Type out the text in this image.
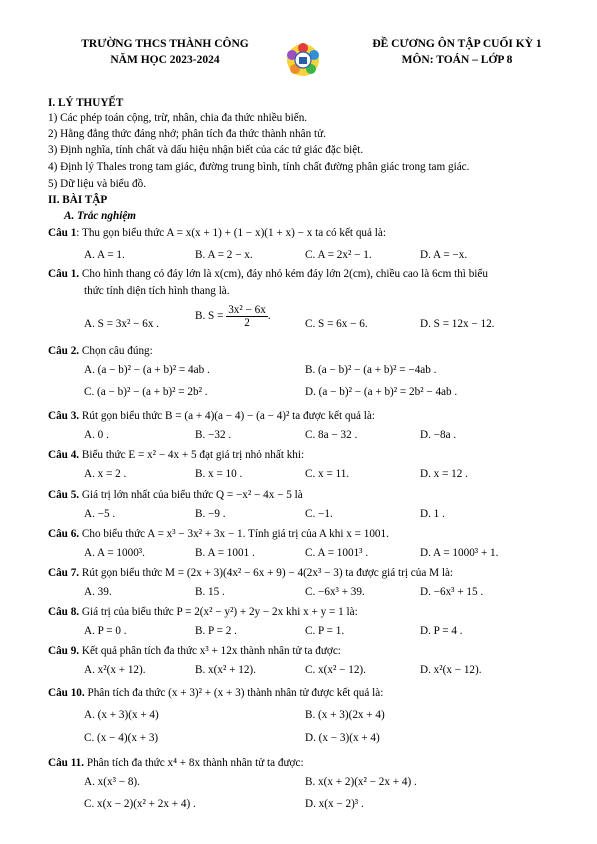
TRƯỜNG THCS THÀNH CÔNG
NĂM HỌC 2023-2024
ĐỀ CƯƠNG ÔN TẬP CUỐI KỲ 1
MÔN: TOÁN – LỚP 8
I. LÝ THUYẾT
1) Các phép toán cộng, trừ, nhân, chia đa thức nhiều biến.
2) Hằng đẳng thức đáng nhớ; phân tích đa thức thành nhân tử.
3) Định nghĩa, tính chất và dấu hiệu nhận biết của các tứ giác đặc biệt.
4) Định lý Thales trong tam giác, đường trung bình, tính chất đường phân giác trong tam giác.
5) Dữ liệu và biểu đồ.
II. BÀI TẬP
A. Trắc nghiệm
Câu 1: Thu gọn biểu thức A = x(x + 1) + (1 − x)(1 + x) − x ta có kết quả là:
A. A = 1.	B. A = 2 − x.	C. A = 2x² − 1.	D. A = −x.
Câu 1. Cho hình thang có đáy lớn là x(cm), đáy nhỏ kém đáy lớn 2(cm), chiều cao là 6cm thì biểu
thức tính diện tích hình thang là.
A. S = 3x² − 6x .
B. $S = \frac{\text{3x² − 6x}}{2}$ .
C. S = 6x − 6.	D. S = 12x − 12.
Câu 2. Chọn câu đúng:
A. (a − b)² − (a + b)² = 4ab .	B. (a − b)² − (a + b)² = −4ab .
C. (a − b)² − (a + b)² = 2b² .	D. (a − b)² − (a + b)² = 2b² − 4ab .
Câu 3. Rút gọn biểu thức B = (a + 4)(a − 4) − (a − 4)² ta được kết quả là:
A. 0 .	B. −32 .	C. 8a − 32 .	D. −8a .
Câu 4. Biểu thức E = x² − 4x + 5 đạt giá trị nhỏ nhất khi:
A. x = 2 .	B. x = 10 .	C. x = 11.	D. x = 12 .
Câu 5. Giá trị lớn nhất của biểu thức Q = −x² − 4x − 5 là
A. −5 .	B. −9 .	C. −1.	D. 1 .
Câu 6. Cho biểu thức A = x³ − 3x² + 3x − 1. Tính giá trị của A khi x = 1001.
A. A = 1000³.	B. A = 1001 .	C. A = 1001³ .	D. A = 1000³ + 1.
Câu 7. Rút gọn biểu thức M = (2x + 3)(4x² − 6x + 9) − 4(2x³ − 3) ta được giá trị của M là:
A. 39.	B. 15 .	C. −6x³ + 39.	D. −6x³ + 15 .
Câu 8. Giá trị của biểu thức P = 2(x² − y²) + 2y − 2x khi x + y = 1 là:
A. P = 0 .	B. P = 2 .	C. P = 1.	D. P = 4 .
Câu 9. Kết quả phân tích đa thức x³ + 12x thành nhân tử ta được:
A. x²(x + 12).	B. x(x² + 12).	C. x(x² − 12).	D. x²(x − 12).
Câu 10. Phân tích đa thức (x + 3)² + (x + 3) thành nhân tử được kết quả là:
A. (x + 3)(x + 4)	B. (x + 3)(2x + 4)
C. (x − 4)(x + 3)	D. (x − 3)(x + 4)
Câu 11. Phân tích đa thức x⁴ + 8x thành nhân tử ta được:
A. x(x³ − 8).	B. x(x + 2)(x² − 2x + 4) .
C. x(x − 2)(x² + 2x + 4) .	D. x(x − 2)³ .
